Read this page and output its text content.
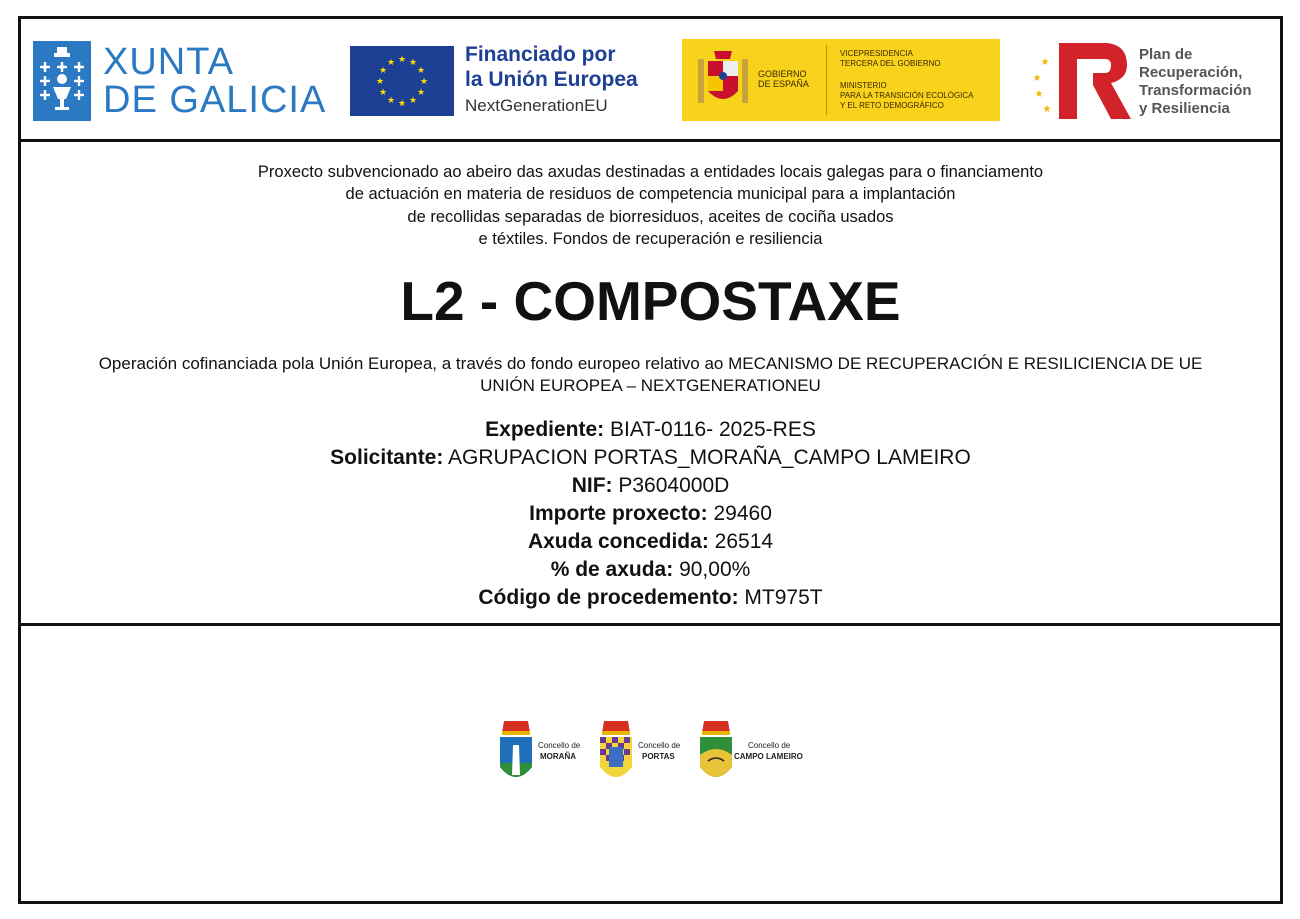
XUNTA
DE GALICIA
★ ★
★
★
★
★
★
★
★
★
★
★	Financiado por
la Unión Europea
NextGenerationEU
GOBIERNO
DE ESPAÑA
VICEPRESIDENCIA
TERCERA DEL GOBIERNO
MINISTERIO
PARA LA TRANSICIÓN ECOLÓGICA
Y EL RETO DEMOGRÁFICO
★
★
★
★
Plan de
Recuperación,
Transformación
y Resiliencia
Proxecto subvencionado ao abeiro das axudas destinadas a entidades locais galegas para o financiamento
de actuación en materia de residuos de competencia municipal para a implantación
de recollidas separadas de biorresiduos, aceites de cociña usados
e téxtiles. Fondos de recuperación e resiliencia
L2 - COMPOSTAXE
Operación cofinanciada pola Unión Europea, a través do fondo europeo relativo ao MECANISMO DE RECUPERACIÓN E RESILICIENCIA DE UE
UNIÓN EUROPEA – NEXTGENERATIONEU
Expediente: BIAT-0116- 2025-RES
Solicitante: AGRUPACION PORTAS_MORAÑA_CAMPO LAMEIRO
NIF: P3604000D
Importe proxecto: 29460
Axuda concedida: 26514
% de axuda: 90,00%
Código de procedemento: MT975T
Concello de
MORAÑA
Concello de
PORTAS
Concello de
CAMPO LAMEIRO
